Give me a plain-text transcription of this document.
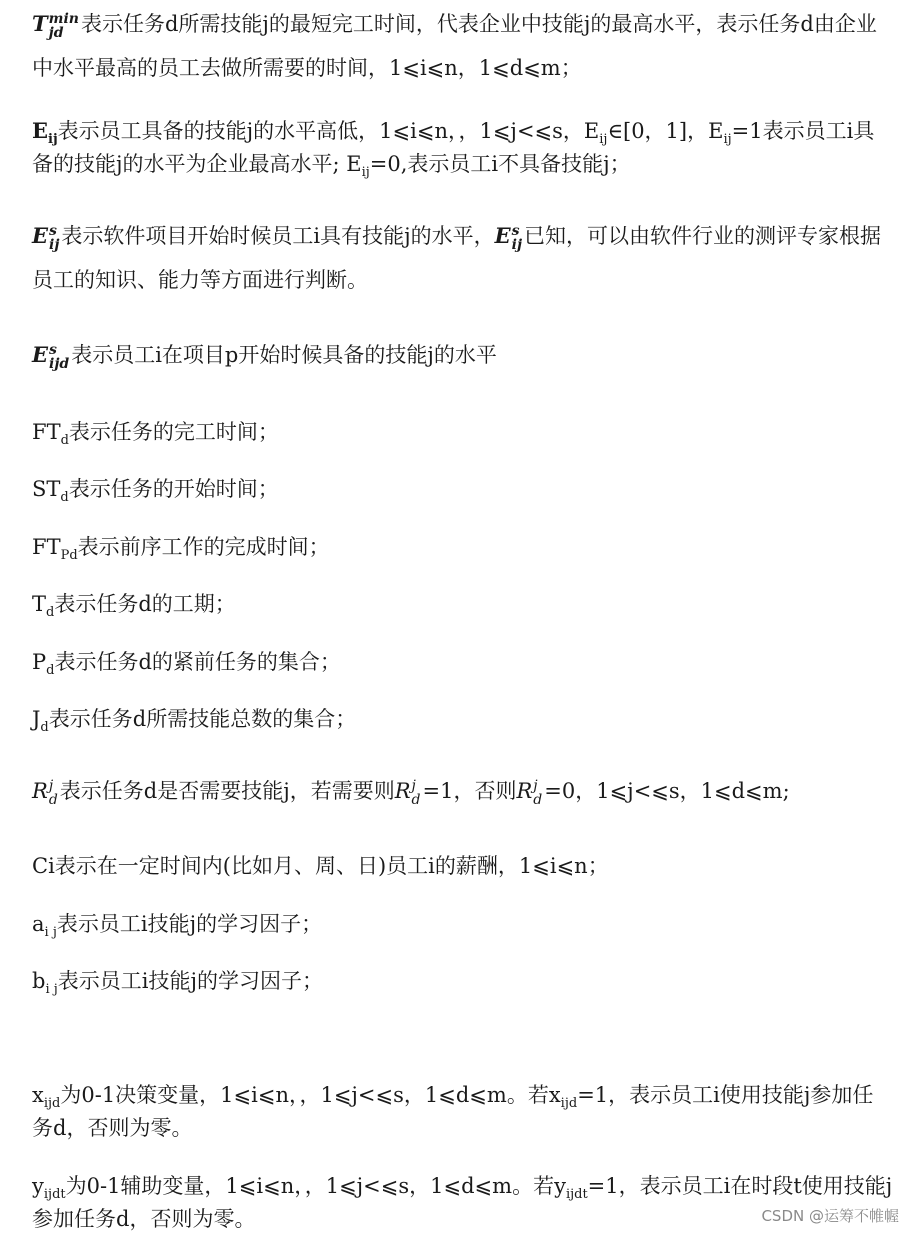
T min
jd 表示任务d所需技能j的最短完工时间，代表企业中技能j的最高水平，表示任务d由企业中水平最高的员工去做所需要的时间，1⩽i⩽n，1⩽d⩽m；
$E_{ij}$表示员工具备的技能j的水平高低，1⩽i⩽n，，1⩽j<⩽s，$E_{ij}\in[0$，1]，$E_{ij}=1$表示员工i具备的技能j的水平为企业最高水平; $E_{ij}=0$,表示员工i不具备技能j；
E s
ij 表示软件项目开始时候员工i具有技能j的水平，E s
ij 已知，可以由软件行业的测评专家根据员工的知识、能力等方面进行判断。
E s
ijd 表示员工i在项目p开始时候具备的技能j的水平
$FT_d$表示任务的完工时间；
$ST_d$表示任务的开始时间；
$FT_{Pd}$表示前序工作的完成时间；
$T_d$表示任务d的工期；
$P_d$表示任务d的紧前任务的集合；
$J_d$表示任务d所需技能总数的集合；
R j
d 表示任务d是否需要技能j，若需要则R j
d =1，否则R j
d =0，1⩽j<⩽s，1⩽d⩽m;
Ci表示在一定时间内(比如月、周、日)员工i的薪酬，1⩽i⩽n；
$a_{i j}$表示员工i技能j的学习因子；
$b_{i j}$表示员工i技能j的学习因子；
$x_{ijd}$为0-1决策变量，1⩽i⩽n，，1⩽j<⩽s，1⩽d⩽m。若$x_{ijd}=1$，表示员工i使用技能j参加任务d，否则为零。
$y_{ijdt}$为0-1辅助变量，1⩽i⩽n，，1⩽j<⩽s，1⩽d⩽m。若$y_{ijdt}=1$，表示员工i在时段t使用技能j参加任务d，否则为零。	CSDN @运筹不帷幄
